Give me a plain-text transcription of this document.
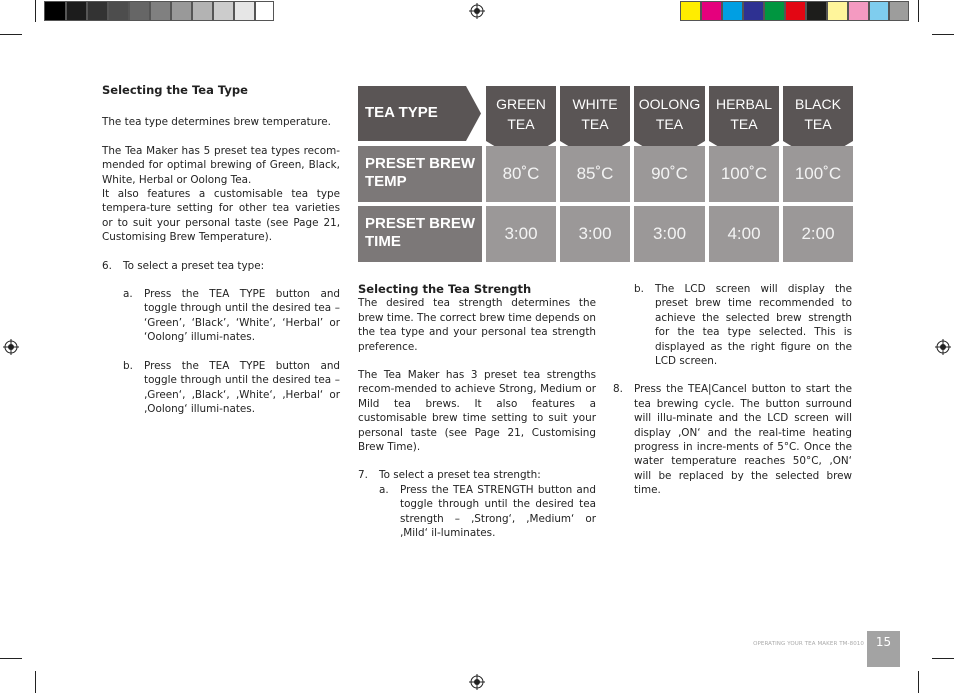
Selecting the Tea Type

The tea type determines brew temperature.

The Tea Maker has 5 preset tea types recom-mended for optimal brewing of Green, Black, White, Herbal or Oolong Tea.

It also features a customisable tea type tempera-ture setting for other tea varieties or to suit your personal taste (see Page 21, Customising Brew Temperature).

6. To select a preset tea type:
a. Press the TEA TYPE button and toggle through until the desired tea – ‘Green’, ‘Black’, ‘White’, ‘Herbal’ or ‘Oolong’ illumi-nates.

b. Press the TEA TYPE button and toggle through until the desired tea – ‚Green‘, ‚Black‘, ‚White‘, ‚Herbal‘ or ‚Oolong‘ illumi-nates.

TEA TYPE
PRESET BREW TEMP
PRESET BREW TIME
GREEN
TEA
80˚C
3:00
WHITE
TEA
85˚C
3:00
OOLONG
TEA
90˚C
3:00
HERBAL
TEA
100˚C
4:00
BLACK
TEA
100˚C
2:00

Selecting the Tea Strength

The desired tea strength determines the brew time. The correct brew time depends on the tea type and your personal tea strength preference.

The Tea Maker has 3 preset tea strengths recom-mended to achieve Strong, Medium or Mild tea brews. It also features a customisable brew time setting to suit your personal taste (see Page 21, Customising Brew Time).

7. To select a preset tea strength:
a. Press the TEA STRENGTH button and toggle through until the desired tea strength – ‚Strong‘, ‚Medium‘ or ‚Mild‘ il-luminates.

b. The LCD screen will display the preset brew time recommended to achieve the selected brew strength for the tea type selected. This is displayed as the right figure on the LCD screen.

8. Press the TEA|Cancel button to start the tea brewing cycle. The button surround will illu-minate and the LCD screen will display ‚ON‘ and the real-time heating progress in incre-ments of 5°C. Once the water temperature reaches 50°C, ‚ON‘ will be replaced by the selected brew time.

OPERATING YOUR TEA MAKER TM-8010 15
